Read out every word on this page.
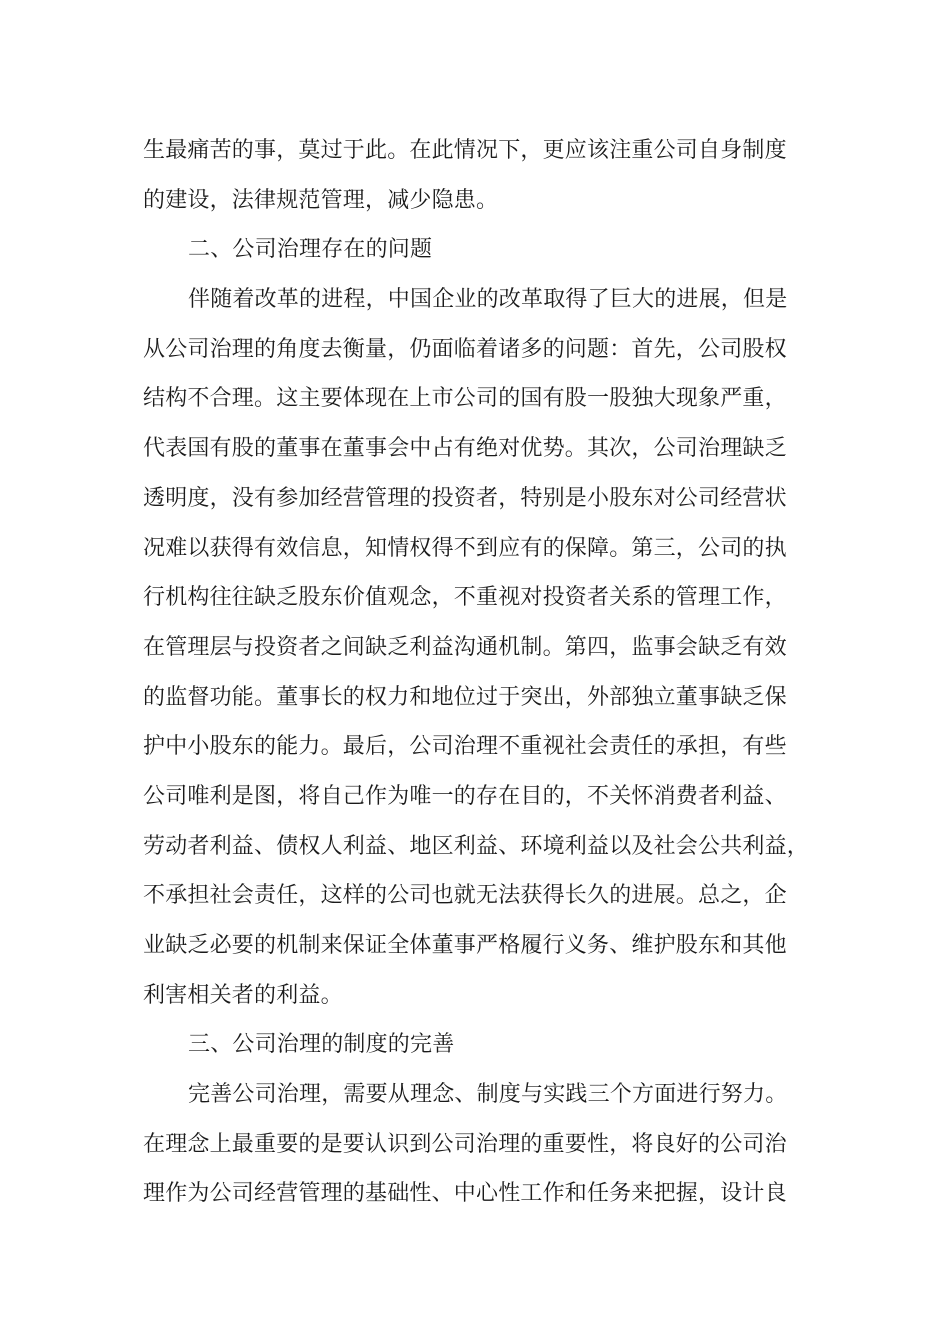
生最痛苦的事，莫过于此。在此情况下，更应该注重公司自身制度
的建设，法律规范管理，减少隐患。
二、公司治理存在的问题
伴随着改革的进程，中国企业的改革取得了巨大的进展，但是
从公司治理的角度去衡量，仍面临着诸多的问题：首先，公司股权
结构不合理。这主要体现在上市公司的国有股一股独大现象严重，
代表国有股的董事在董事会中占有绝对优势。其次，公司治理缺乏
透明度，没有参加经营管理的投资者，特别是小股东对公司经营状
况难以获得有效信息，知情权得不到应有的保障。第三，公司的执
行机构往往缺乏股东价值观念，不重视对投资者关系的管理工作，
在管理层与投资者之间缺乏利益沟通机制。第四，监事会缺乏有效
的监督功能。董事长的权力和地位过于突出，外部独立董事缺乏保
护中小股东的能力。最后，公司治理不重视社会责任的承担，有些
公司唯利是图，将自己作为唯一的存在目的，不关怀消费者利益、
劳动者利益、债权人利益、地区利益、环境利益以及社会公共利益，
不承担社会责任，这样的公司也就无法获得长久的进展。总之，企
业缺乏必要的机制来保证全体董事严格履行义务、维护股东和其他
利害相关者的利益。
三、公司治理的制度的完善
完善公司治理，需要从理念、制度与实践三个方面进行努力。
在理念上最重要的是要认识到公司治理的重要性，将良好的公司治
理作为公司经营管理的基础性、中心性工作和任务来把握，设计良
